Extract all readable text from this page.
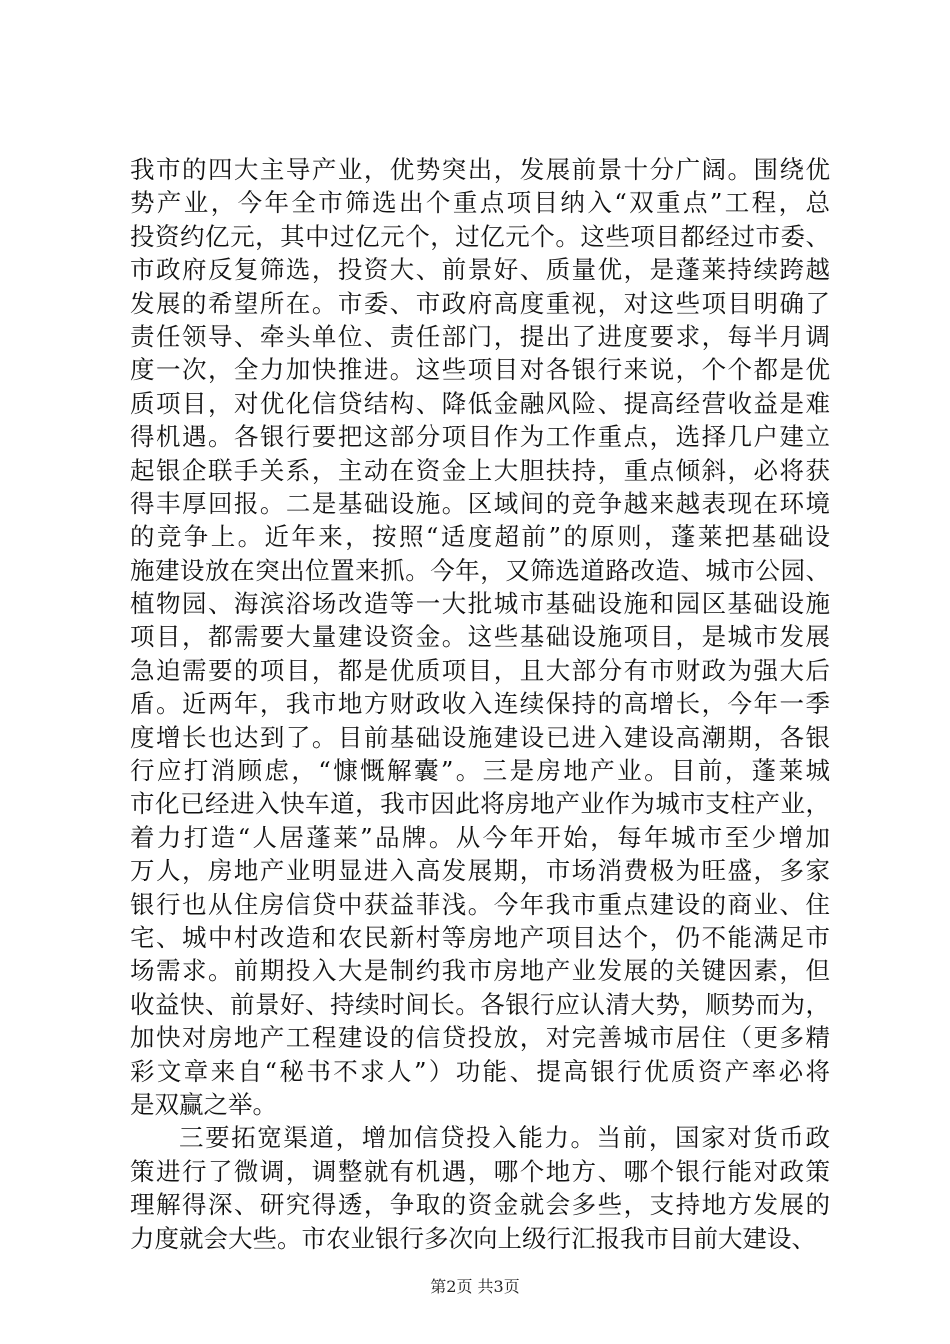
我市的四大主导产业，优势突出，发展前景十分广阔。围绕优
势产业，今年全市筛选出个重点项目纳入“双重点”工程，总
投资约亿元，其中过亿元个，过亿元个。这些项目都经过市委、
市政府反复筛选，投资大、前景好、质量优，是蓬莱持续跨越
发展的希望所在。市委、市政府高度重视，对这些项目明确了
责任领导、牵头单位、责任部门，提出了进度要求，每半月调
度一次，全力加快推进。这些项目对各银行来说，个个都是优
质项目，对优化信贷结构、降低金融风险、提高经营收益是难
得机遇。各银行要把这部分项目作为工作重点，选择几户建立
起银企联手关系，主动在资金上大胆扶持，重点倾斜，必将获
得丰厚回报。二是基础设施。区域间的竞争越来越表现在环境
的竞争上。近年来，按照“适度超前”的原则，蓬莱把基础设
施建设放在突出位置来抓。今年，又筛选道路改造、城市公园、
植物园、海滨浴场改造等一大批城市基础设施和园区基础设施
项目，都需要大量建设资金。这些基础设施项目，是城市发展
急迫需要的项目，都是优质项目，且大部分有市财政为强大后
盾。近两年，我市地方财政收入连续保持的高增长，今年一季
度增长也达到了。目前基础设施建设已进入建设高潮期，各银
行应打消顾虑，“慷慨解囊”。三是房地产业。目前，蓬莱城
市化已经进入快车道，我市因此将房地产业作为城市支柱产业，
着力打造“人居蓬莱”品牌。从今年开始，每年城市至少增加
万人，房地产业明显进入高发展期，市场消费极为旺盛，多家
银行也从住房信贷中获益菲浅。今年我市重点建设的商业、住
宅、城中村改造和农民新村等房地产项目达个，仍不能满足市
场需求。前期投入大是制约我市房地产业发展的关键因素，但
收益快、前景好、持续时间长。各银行应认清大势，顺势而为，
加快对房地产工程建设的信贷投放，对完善城市居住（更多精
彩文章来自“秘书不求人”）功能、提高银行优质资产率必将
是双赢之举。
三要拓宽渠道，增加信贷投入能力。当前，国家对货币政
策进行了微调，调整就有机遇，哪个地方、哪个银行能对政策
理解得深、研究得透，争取的资金就会多些，支持地方发展的
力度就会大些。市农业银行多次向上级行汇报我市目前大建设、
第2页 共3页
